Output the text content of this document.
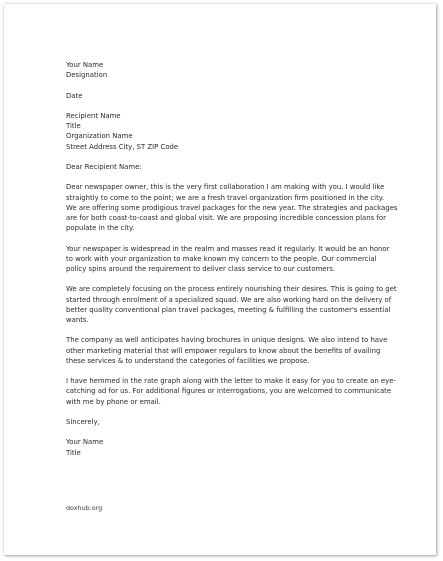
Your Name
Designation
Date
Recipient Name
Title
Organization Name
Street Address City, ST ZIP Code
Dear Recipient Name:
Dear newspaper owner, this is the very first collaboration I am making with you. I would like
straightly to come to the point; we are a fresh travel organization firm positioned in the city.
We are offering some prodigious travel packages for the new year. The strategies and packages
are for both coast-to-coast and global visit. We are proposing incredible concession plans for
populate in the city.
Your newspaper is widespread in the realm and masses read it regularly. It would be an honor
to work with your organization to make known my concern to the people. Our commercial
policy spins around the requirement to deliver class service to our customers.
We are completely focusing on the process entirely nourishing their desires. This is going to get
started through enrolment of a specialized squad. We are also working hard on the delivery of
better quality conventional plan travel packages, meeting & fulfilling the customer's essential
wants.
The company as well anticipates having brochures in unique designs. We also intend to have
other marketing material that will empower regulars to know about the benefits of availing
these services & to understand the categories of facilities we propose.
I have hemmed in the rate graph along with the letter to make it easy for you to create an eye-
catching ad for us. For additional figures or interrogations, you are welcomed to communicate
with me by phone or email.
Sincerely,
Your Name
Title
doxhub.org
